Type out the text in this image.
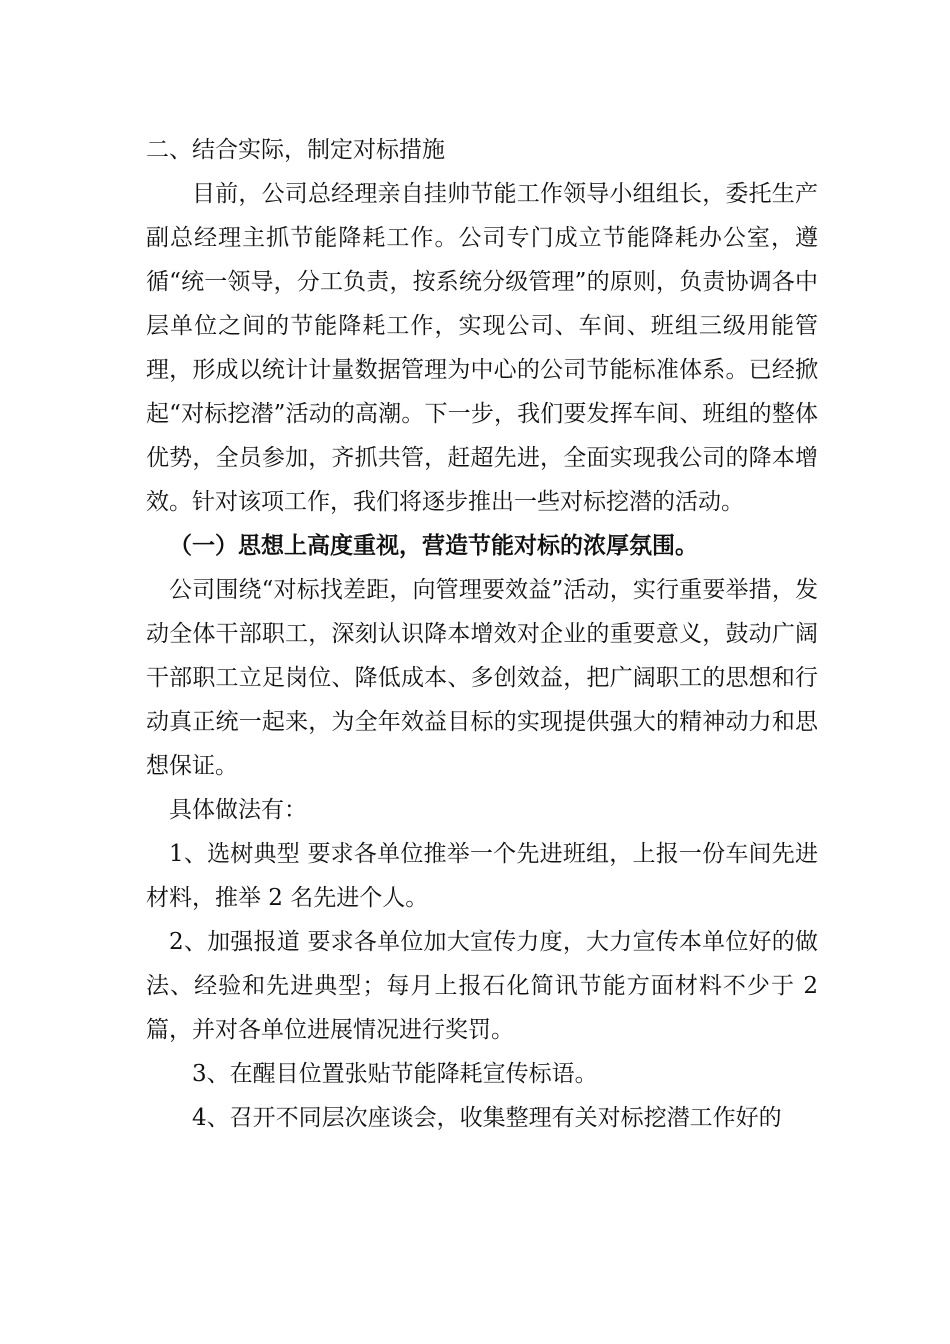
二、结合实际，制定对标措施

目前，公司总经理亲自挂帅节能工作领导小组组长，委托生产副总经理主抓节能降耗工作。公司专门成立节能降耗办公室，遵循“统一领导，分工负责，按系统分级管理”的原则，负责协调各中层单位之间的节能降耗工作，实现公司、车间、班组三级用能管理，形成以统计计量数据管理为中心的公司节能标准体系。已经掀起“对标挖潜”活动的高潮。下一步，我们要发挥车间、班组的整体优势，全员参加，齐抓共管，赶超先进，全面实现我公司的降本增效。针对该项工作，我们将逐步推出一些对标挖潜的活动。

（一）思想上高度重视，营造节能对标的浓厚氛围。

公司围绕“对标找差距，向管理要效益”活动，实行重要举措，发动全体干部职工，深刻认识降本增效对企业的重要意义，鼓动广阔干部职工立足岗位、降低成本、多创效益，把广阔职工的思想和行动真正统一起来，为全年效益目标的实现提供强大的精神动力和思想保证。

具体做法有：

1、选树典型 要求各单位推举一个先进班组，上报一份车间先进材料，推举 2 名先进个人。

2、加强报道 要求各单位加大宣传力度，大力宣传本单位好的做法、经验和先进典型；每月上报石化简讯节能方面材料不少于 2 篇，并对各单位进展情况进行奖罚。

3、在醒目位置张贴节能降耗宣传标语。

4、召开不同层次座谈会，收集整理有关对标挖潜工作好的
